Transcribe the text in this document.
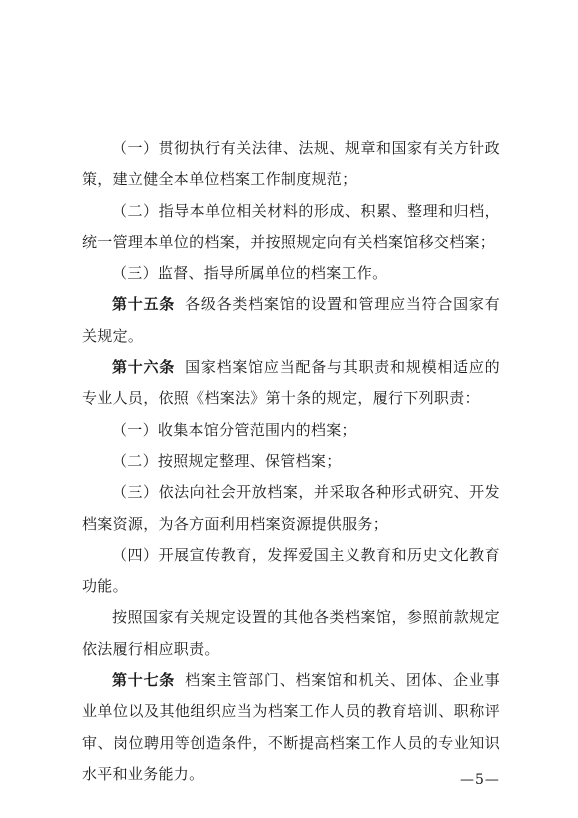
（一）贯彻执行有关法律、法规、规章和国家有关方针政策，建立健全本单位档案工作制度规范；

（二）指导本单位相关材料的形成、积累、整理和归档，统一管理本单位的档案，并按照规定向有关档案馆移交档案；

（三）监督、指导所属单位的档案工作。

第十五条 各级各类档案馆的设置和管理应当符合国家有关规定。

第十六条 国家档案馆应当配备与其职责和规模相适应的专业人员，依照《档案法》第十条的规定，履行下列职责：

（一）收集本馆分管范围内的档案；

（二）按照规定整理、保管档案；

（三）依法向社会开放档案，并采取各种形式研究、开发档案资源，为各方面利用档案资源提供服务；

（四）开展宣传教育，发挥爱国主义教育和历史文化教育功能。

按照国家有关规定设置的其他各类档案馆，参照前款规定依法履行相应职责。

第十七条 档案主管部门、档案馆和机关、团体、企业事业单位以及其他组织应当为档案工作人员的教育培训、职称评审、岗位聘用等创造条件，不断提高档案工作人员的专业知识水平和业务能力。	—5—
